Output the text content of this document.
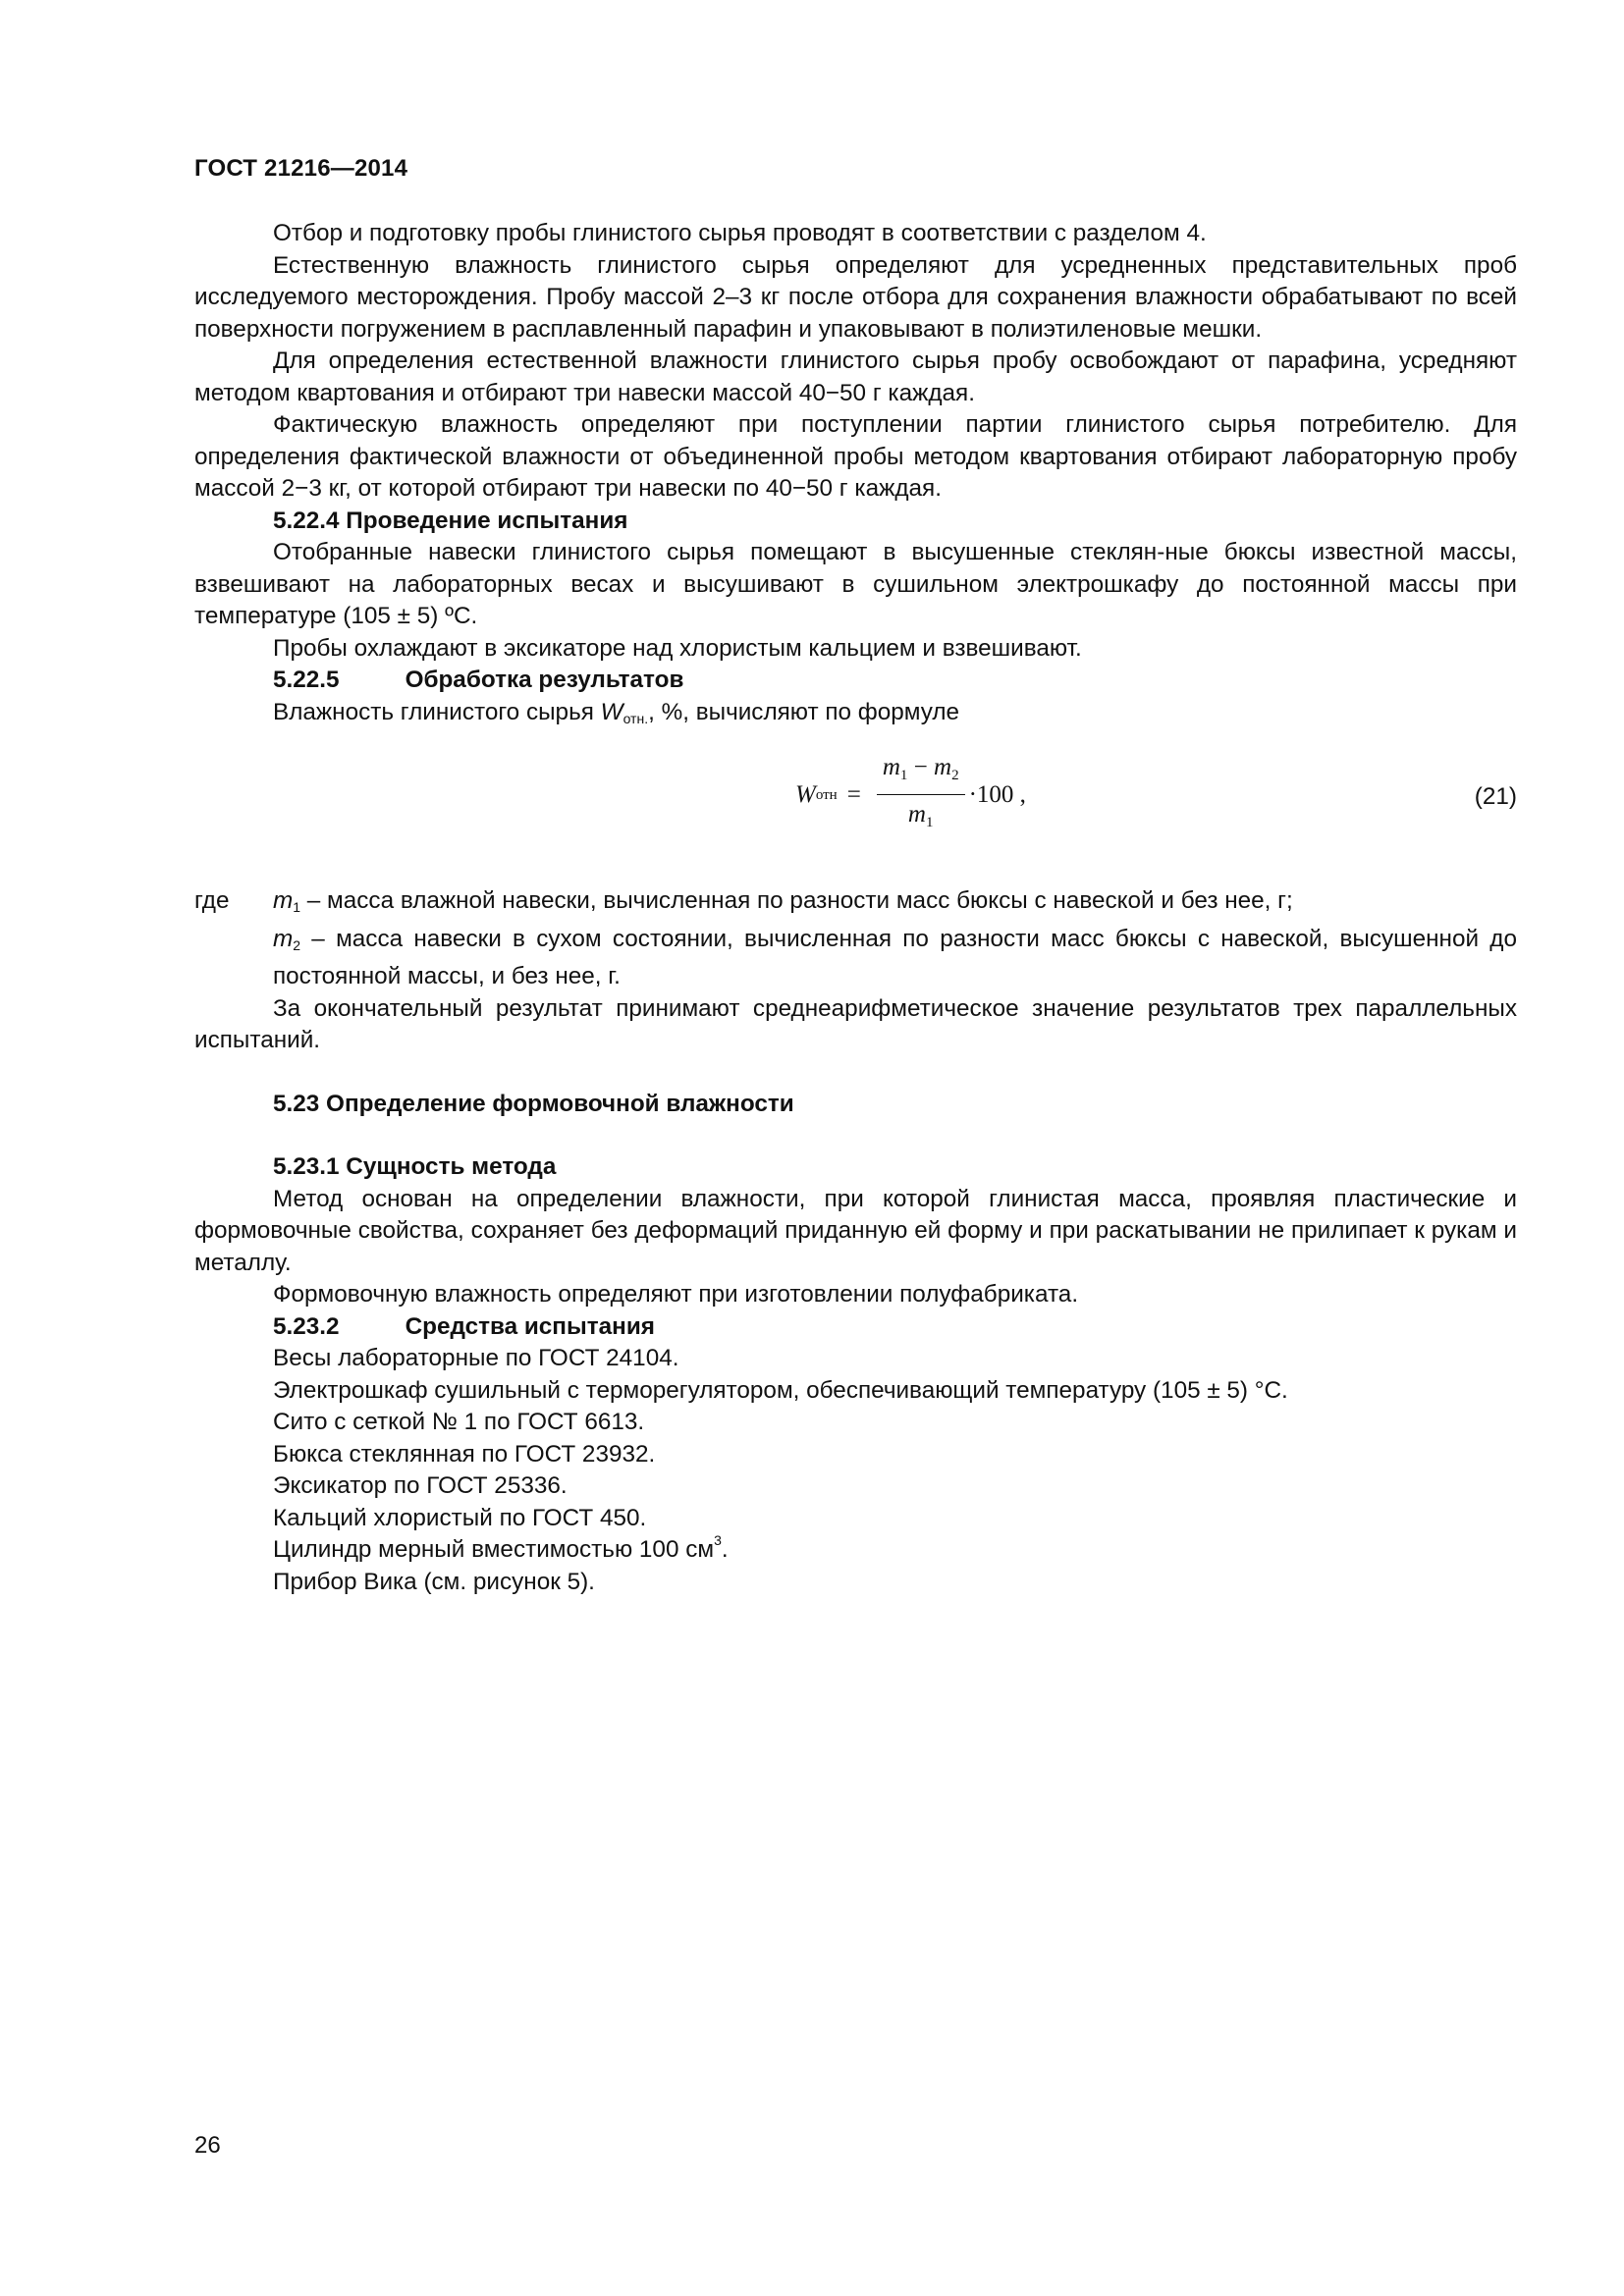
ГОСТ 21216—2014

Отбор и подготовку пробы глинистого сырья проводят в соответствии с разделом 4.

Естественную влажность глинистого сырья определяют для усредненных представительных проб исследуемого месторождения. Пробу массой 2–3 кг после отбора для сохранения влажности обрабатывают по всей поверхности погружением в расплавленный парафин и упаковывают в полиэтиленовые мешки.

Для определения естественной влажности глинистого сырья пробу освобождают от парафина, усредняют методом квартования и отбирают три навески массой 40−50 г каждая.

Фактическую влажность определяют при поступлении партии глинистого сырья потребителю. Для определения фактической влажности от объединенной пробы методом квартования отбирают лабораторную пробу массой 2−3 кг, от которой отбирают три навески по 40−50 г каждая.

5.22.4 Проведение испытания

Отобранные навески глинистого сырья помещают в высушенные стеклян-ные бюксы известной массы, взвешивают на лабораторных весах и высушивают в сушильном электрошкафу до постоянной массы при температуре (105 ± 5) ºС.

Пробы охлаждают в эксикаторе над хлористым кальцием и взвешивают.

5.22.5	Обработка результатов

Влажность глинистого сырья Wотн., %, вычисляют по формуле

W отн = $\frac{m_1 - m_2}{m_1} \cdot 100$ ,	(21)
где m1 – масса влажной навески, вычисленная по разности масс бюксы с навеской и без нее, г;
m2 – масса навески в сухом состоянии, вычисленная по разности масс бюксы с навеской, высушенной до постоянной массы, и без нее, г.

За окончательный результат принимают среднеарифметическое значение результатов трех параллельных испытаний.

5.23 Определение формовочной влажности

5.23.1 Сущность метода

Метод основан на определении влажности, при которой глинистая масса, проявляя пластические и формовочные свойства, сохраняет без деформаций приданную ей форму и при раскатывании не прилипает к рукам и металлу.

Формовочную влажность определяют при изготовлении полуфабриката.

5.23.2	Средства испытания

Весы лабораторные по ГОСТ 24104.
Электрошкаф сушильный с терморегулятором, обеспечивающий температуру (105 ± 5) °С.
Сито с сеткой № 1 по ГОСТ 6613.
Бюкса стеклянная по ГОСТ 23932.
Эксикатор по ГОСТ 25336.
Кальций хлористый по ГОСТ 450.
Цилиндр мерный вместимостью 100 $см^3$.
Прибор Вика (см. рисунок 5).
26
